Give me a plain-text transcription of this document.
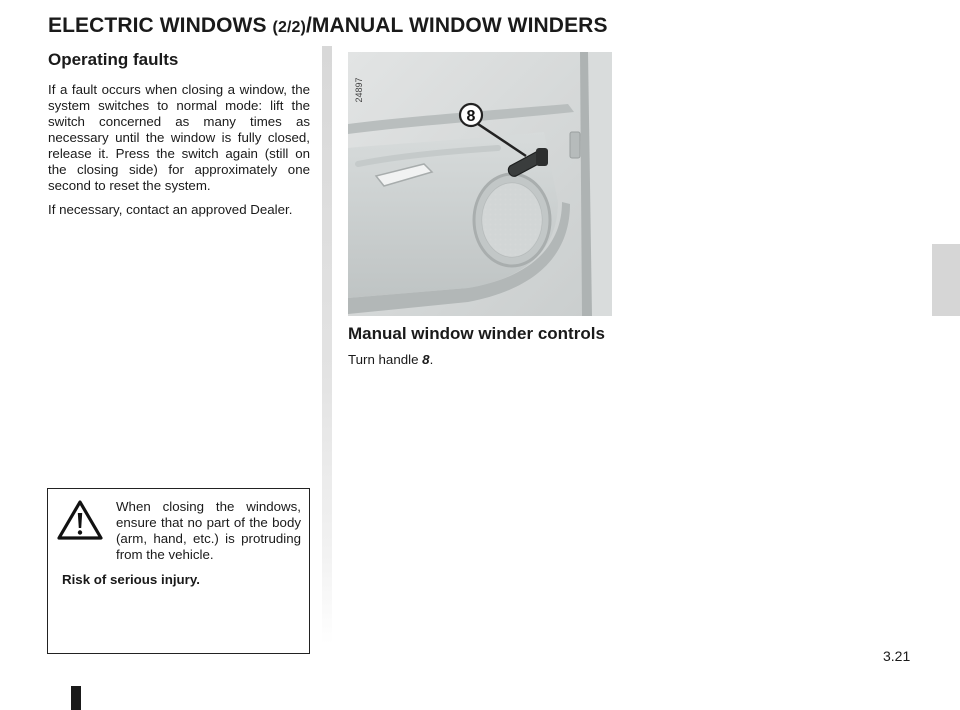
ELECTRIC WINDOWS (2/2)/MANUAL WINDOW WINDERS
Operating faults

If a fault occurs when closing a window, the system switches to normal mode: lift the switch concerned as many times as necessary until the window is fully closed, release it. Press the switch again (still on the closing side) for approximately one second to reset the system.

If necessary, contact an approved Dealer.

When closing the windows, ensure that no part of the body (arm, hand, etc.) is protruding from the vehicle.

Risk of serious injury.

8
24897
Manual window winder controls

Turn handle 8.

3.21
